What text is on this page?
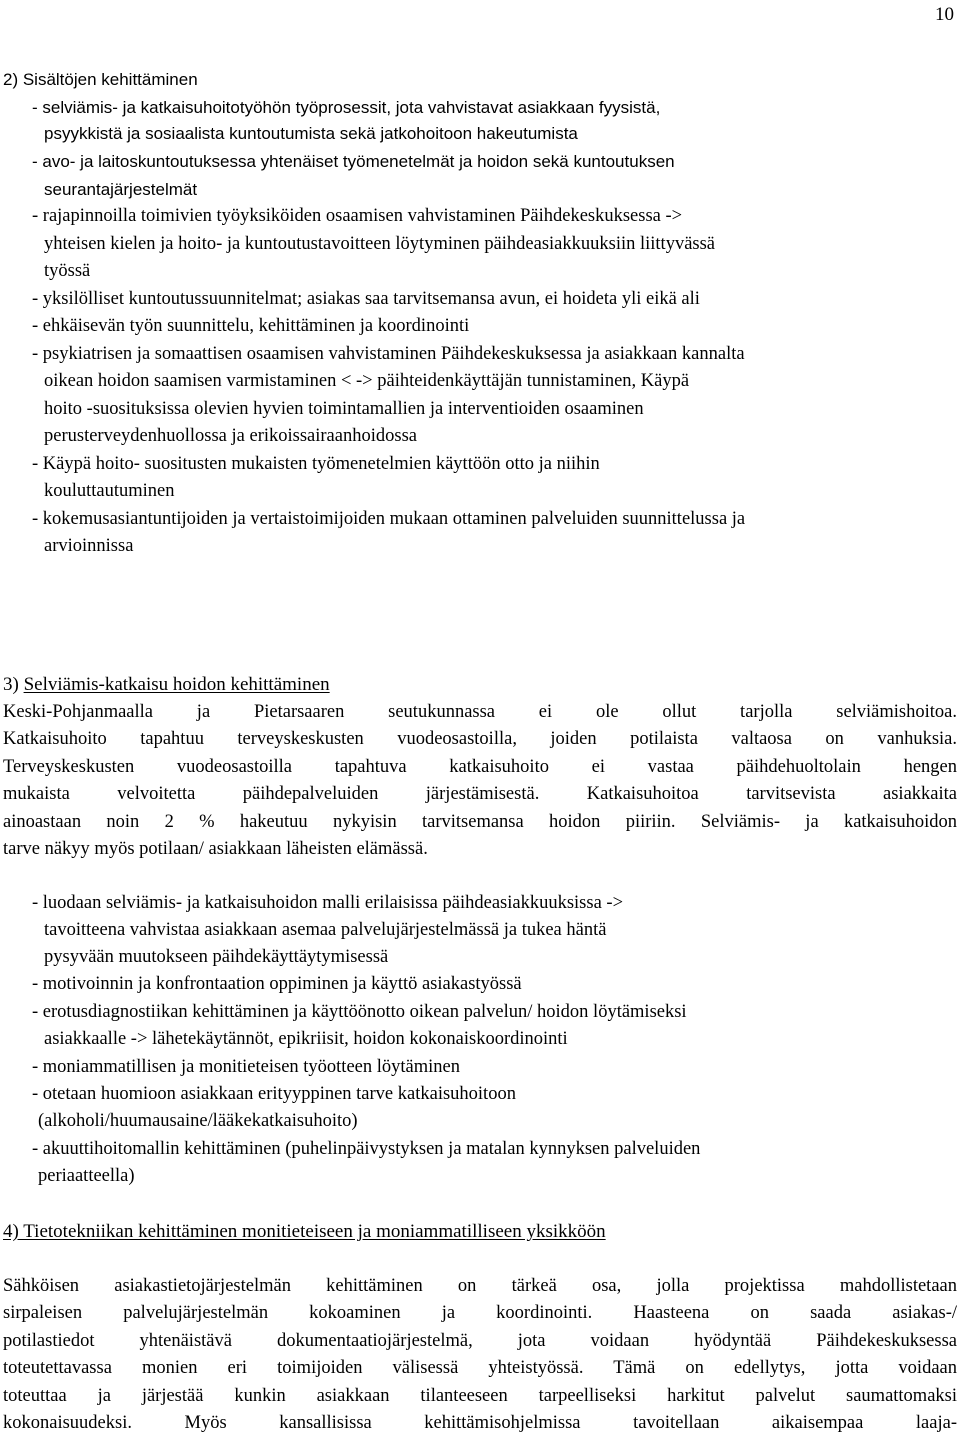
10
2) Sisältöjen kehittäminen
- selviämis- ja katkaisuhoitotyöhön työprosessit, jota vahvistavat asiakkaan fyysistä,
psyykkistä ja sosiaalista kuntoutumista sekä jatkohoitoon hakeutumista
- avo- ja laitoskuntoutuksessa yhtenäiset työmenetelmät ja hoidon sekä kuntoutuksen
seurantajärjestelmät
- rajapinnoilla toimivien työyksiköiden osaamisen vahvistaminen Päihdekeskuksessa ->
yhteisen kielen ja hoito- ja kuntoutustavoitteen löytyminen päihdeasiakkuuksiin liittyvässä
työssä
- yksilölliset kuntoutussuunnitelmat; asiakas saa tarvitsemansa avun, ei hoideta yli eikä ali
- ehkäisevän työn suunnittelu, kehittäminen ja koordinointi
- psykiatrisen ja somaattisen osaamisen vahvistaminen Päihdekeskuksessa ja asiakkaan kannalta
oikean hoidon saamisen varmistaminen < -> päihteidenkäyttäjän tunnistaminen, Käypä
hoito -suosituksissa olevien hyvien toimintamallien ja interventioiden osaaminen
perusterveydenhuollossa ja erikoissairaanhoidossa
- Käypä hoito- suositusten mukaisten työmenetelmien käyttöön otto ja niihin
kouluttautuminen
- kokemusasiantuntijoiden ja vertaistoimijoiden mukaan ottaminen palveluiden suunnittelussa ja
arvioinnissa
3) Selviämis-katkaisu hoidon kehittäminen
Keski-Pohjanmaalla ja Pietarsaaren seutukunnassa ei ole ollut tarjolla selviämishoitoa.
Katkaisuhoito tapahtuu terveyskeskusten vuodeosastoilla, joiden potilaista valtaosa on vanhuksia.
Terveyskeskusten vuodeosastoilla tapahtuva katkaisuhoito ei vastaa päihdehuoltolain hengen
mukaista velvoitetta päihdepalveluiden järjestämisestä. Katkaisuhoitoa tarvitsevista asiakkaita
ainoastaan noin 2 % hakeutuu nykyisin tarvitsemansa hoidon piiriin. Selviämis- ja katkaisuhoidon
tarve näkyy myös potilaan/ asiakkaan läheisten elämässä.
- luodaan selviämis- ja katkaisuhoidon malli erilaisissa päihdeasiakkuuksissa ->
tavoitteena vahvistaa asiakkaan asemaa palvelujärjestelmässä ja tukea häntä
pysyvään muutokseen päihdekäyttäytymisessä
- motivoinnin ja konfrontaation oppiminen ja käyttö asiakastyössä
- erotusdiagnostiikan kehittäminen ja käyttöönotto oikean palvelun/ hoidon löytämiseksi
asiakkaalle -> lähetekäytännöt, epikriisit, hoidon kokonaiskoordinointi
- moniammatillisen ja monitieteisen työotteen löytäminen
- otetaan huomioon asiakkaan erityyppinen tarve katkaisuhoitoon
(alkoholi/huumausaine/lääkekatkaisuhoito)
- akuuttihoitomallin kehittäminen (puhelinpäivystyksen ja matalan kynnyksen palveluiden
periaatteella)
4) Tietotekniikan kehittäminen monitieteiseen ja moniammatilliseen yksikköön
Sähköisen asiakastietojärjestelmän kehittäminen on tärkeä osa, jolla projektissa mahdollistetaan
sirpaleisen palvelujärjestelmän kokoaminen ja koordinointi. Haasteena on saada asiakas-/
potilastiedot yhtenäistävä dokumentaatiojärjestelmä, jota voidaan hyödyntää Päihdekeskuksessa
toteutettavassa monien eri toimijoiden välisessä yhteistyössä. Tämä on edellytys, jotta voidaan
toteuttaa ja järjestää kunkin asiakkaan tilanteeseen tarpeelliseksi harkitut palvelut saumattomaksi
kokonaisuudeksi. Myös kansallisissa kehittämisohjelmissa tavoitellaan aikaisempaa laaja-
